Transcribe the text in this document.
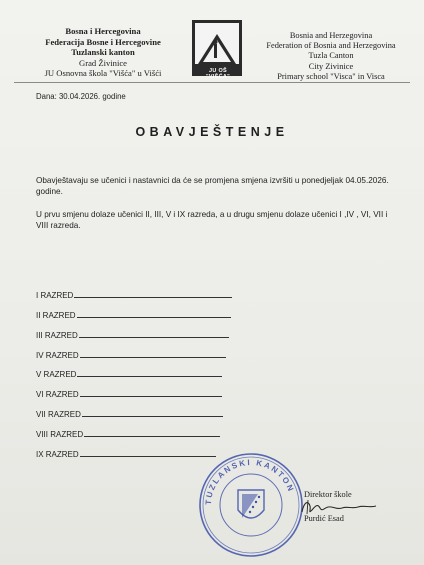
Bosna i Hercegovina
Federacija Bosne i Hercegovine
Tuzlanski kanton
Grad Živinice
JU Osnovna škola "Višća" u Višći	JU OŠ "VIŠĆA"
Bosnia and Herzegovina
Federation of Bosnia and Herzegovina
Tuzla Canton
City Zivinice
Primary school "Visca" in Visca
Dana: 30.04.2026. godine
OBAVJEŠTENJE
Obavještavaju se učenici i nastavnici da će se promjena smjena izvršiti u ponedjeljak 04.05.2026. godine.
U prvu smjenu dolaze učenici II, III, V i IX razreda, a u drugu smjenu dolaze učenici I ,IV , VI, VII i VIII razreda.
I RAZRED
II RAZRED
III RAZRED
IV RAZRED
V RAZRED
VI RAZRED
VII RAZRED
VIII RAZRED
IX RAZRED
TUZLANSKI KANTON
Direktor škole
Purdić Esad
